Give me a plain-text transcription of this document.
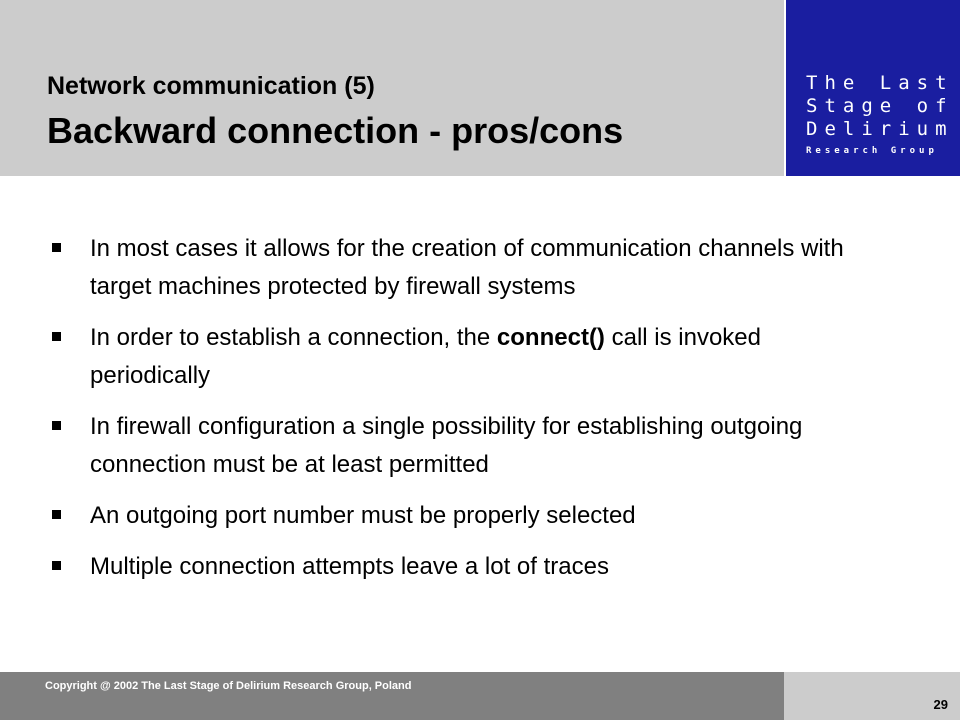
The Last
Stage of
Delirium
Research Group
Network communication (5)
Backward connection - pros/cons
In most cases it allows for the creation of communication channels with target machines protected by firewall systems
In order to establish a connection, the connect() call is invoked periodically
In firewall configuration a single possibility for establishing outgoing connection must be at least permitted
An outgoing port number must be properly selected
Multiple connection attempts leave a lot of traces
Copyright @ 2002 The Last Stage of Delirium Research Group, Poland
29
